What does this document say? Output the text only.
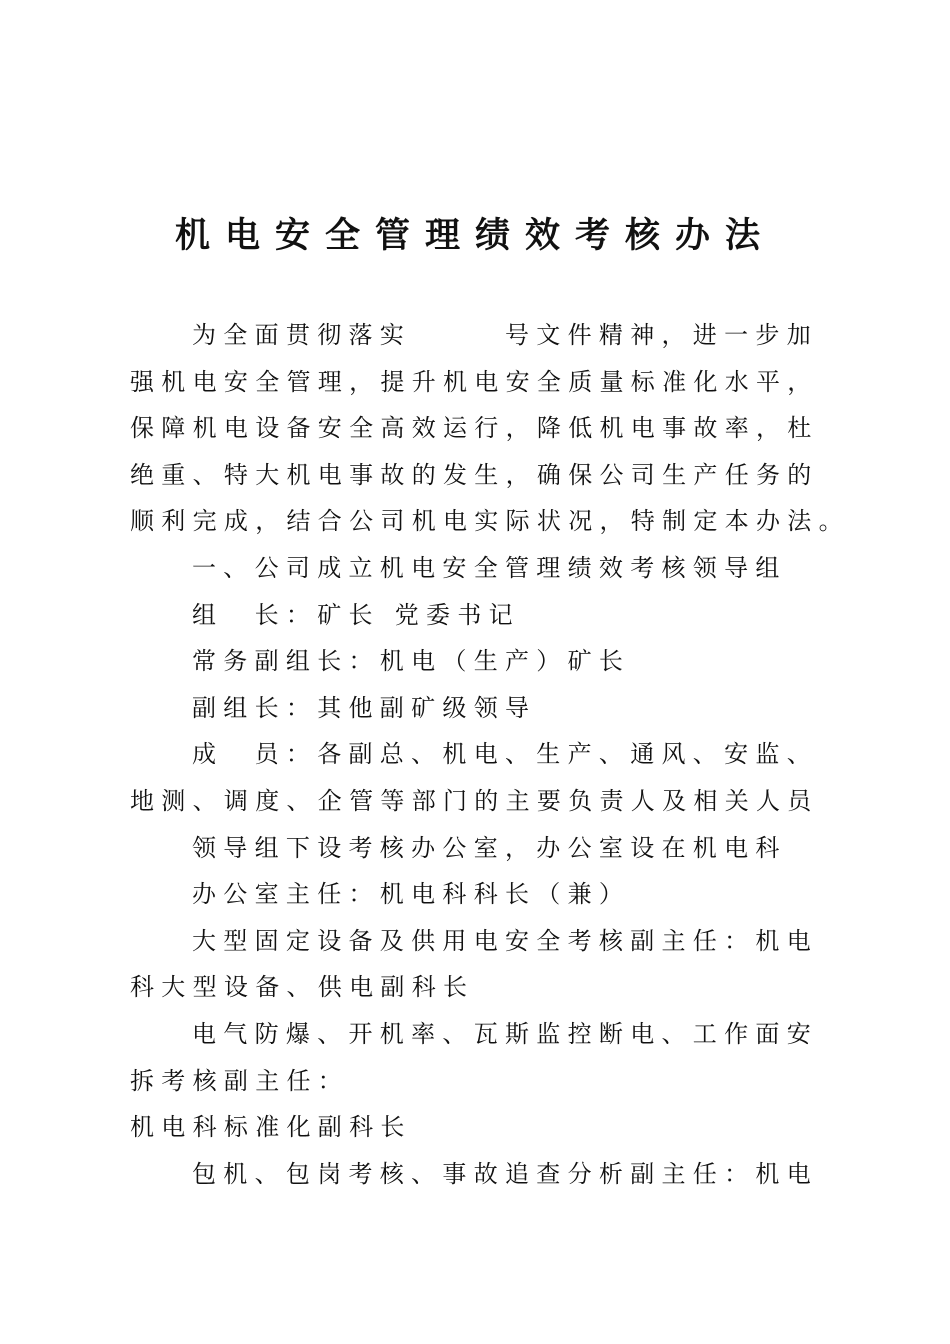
机电安全管理绩效考核办法
为全面贯彻落实　　　号文件精神，进一步加
强机电安全管理，提升机电安全质量标准化水平，
保障机电设备安全高效运行，降低机电事故率，杜
绝重、特大机电事故的发生，确保公司生产任务的
顺利完成，结合公司机电实际状况，特制定本办法。
一、公司成立机电安全管理绩效考核领导组
组　长：矿长 党委书记
常务副组长：机电（生产）矿长
副组长：其他副矿级领导
成　员：各副总、机电、生产、通风、安监、
地测、调度、企管等部门的主要负责人及相关人员
领导组下设考核办公室，办公室设在机电科
办公室主任：机电科科长（兼）
大型固定设备及供用电安全考核副主任：机电
科大型设备、供电副科长
电气防爆、开机率、瓦斯监控断电、工作面安
拆考核副主任：
机电科标准化副科长
包机、包岗考核、事故追查分析副主任：机电
